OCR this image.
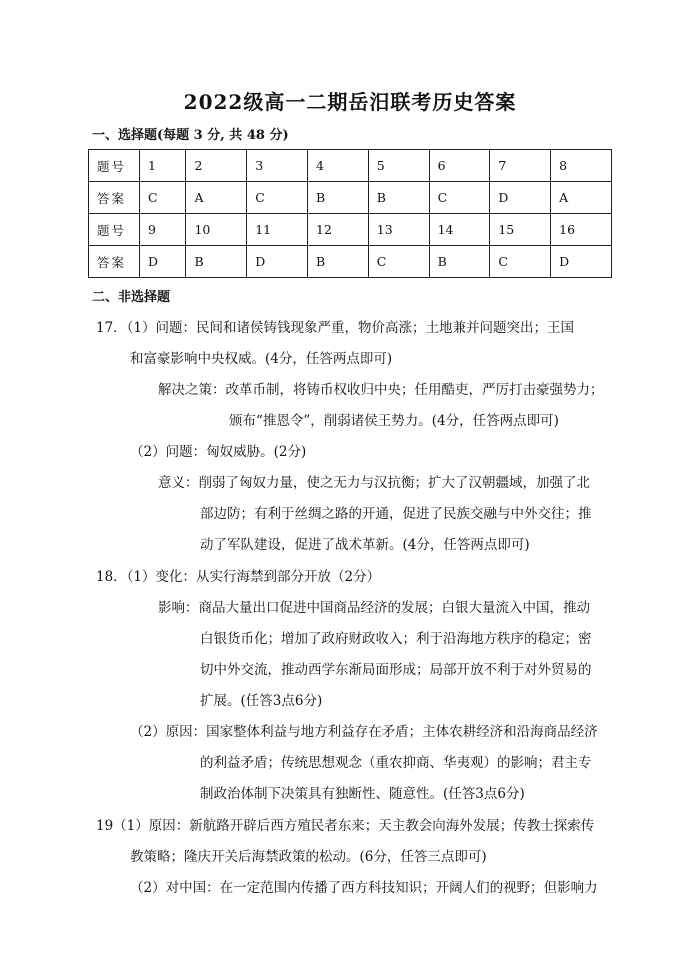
2022级高一二期岳汨联考历史答案
一、选择题(每题 3 分, 共 48 分)
题号	1	2	3	4	5	6	7	8
答案	C	A	C	B	B	C	D	A
题号	9	10	11	12	13	14	15	16
答案	D	B	D	B	C	B	C	D
二、非选择题
17．（1）问题：民间和诸侯铸钱现象严重，物价高涨；土地兼并问题突出；王国
和富豪影响中央权威。(4分，任答两点即可)
解决之策：改革币制，将铸币权收归中央；任用酷吏，严厉打击豪强势力；
颁布“推恩令”，削弱诸侯王势力。(4分，任答两点即可)
（2）问题：匈奴威胁。(2分)
意义：削弱了匈奴力量，使之无力与汉抗衡；扩大了汉朝疆域，加强了北
部边防；有利于丝绸之路的开通，促进了民族交融与中外交往；推
动了军队建设，促进了战术革新。(4分，任答两点即可)
18．（1）变化：从实行海禁到部分开放（2分）
影响：商品大量出口促进中国商品经济的发展；白银大量流入中国，推动
白银货币化；增加了政府财政收入；利于沿海地方秩序的稳定；密
切中外交流，推动西学东渐局面形成；局部开放不利于对外贸易的
扩展。(任答3点6分)
（2）原因：国家整体利益与地方利益存在矛盾；主体农耕经济和沿海商品经济
的利益矛盾；传统思想观念（重农抑商、华夷观）的影响；君主专
制政治体制下决策具有独断性、随意性。(任答3点6分)
19（1）原因：新航路开辟后西方殖民者东来；天主教会向海外发展；传教士探索传
教策略；隆庆开关后海禁政策的松动。(6分，任答三点即可)
（2）对中国：在一定范围内传播了西方科技知识；开阔人们的视野；但影响力
